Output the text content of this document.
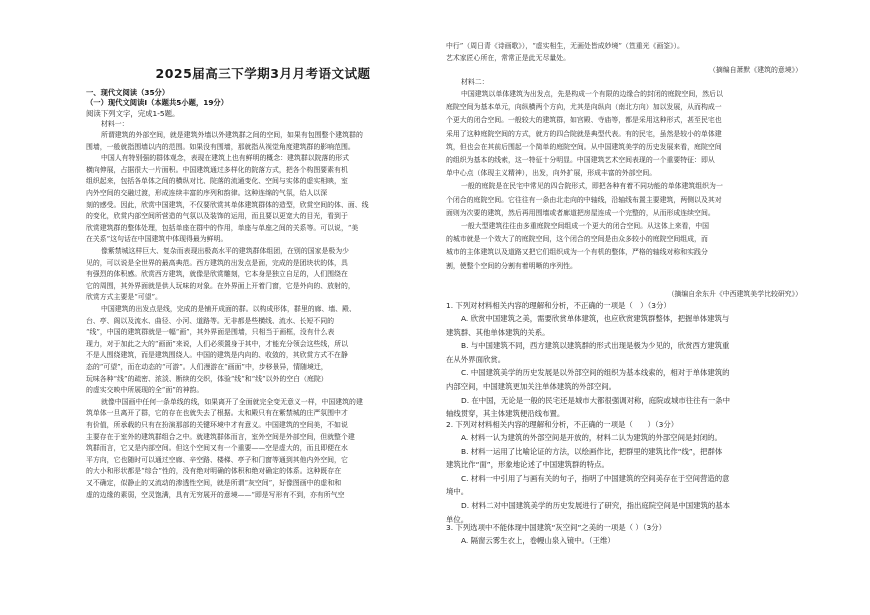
2025届高三下学期3月月考语文试题
一、现代文阅读（35分）
（一）现代文阅读Ⅰ（本题共5小题，19分）
阅读下列文字，完成1-5题。
材料一：
所谓建筑的外部空间，就是建筑外墙以外建筑群之间的空间，如果有包围整个建筑群的
围墙，一般就指围墙以内的范围。如果没有围墙，那就指从视觉角度建筑群的影响范围。
中国人有特别强的群体观念，表现在建筑上也有鲜明的概念：建筑群以院落的形式
横向伸展，占据很大一片面积。中国建筑通过多样化的院落方式，把各个构图要素有机
组织起来，包括各单体之间的横纵对比、院落的流通变化、空间与实体的虚实相映，室
内外空间的交融过渡，形成连续丰富的序列和韵律。这种连绵的气氛，给人以深
刻的感受。因此，欣赏中国建筑，不仅要欣赏其单体建筑群体的造型，欣赏空间的体、面、线
的变化，欣赏内部空间所营造的气氛以及装饰的运用，而且要以更宽大的目光，看到于
欣赏建筑群的整体处理，包括单座在群中的作用，单座与单座之间的关系等。可以说，“美
在关系”这句话在中国建筑中体现得最为鲜明。
像紫禁城这样巨大、复杂而表现出极高水平的建筑群体组团，在别的国家是极为少
见的，可以说是全世界的最高典范。西方建筑的出发点是面，完成的是团块状的体，具
有强烈的体积感。欣赏西方建筑，就像是欣赏雕刻，它本身是独立自足的，人们围绕在
它的周围，其外界面就是供人玩味的对象。在外界面上开着门窗，它是外向的、放射的，
欣赏方式主要是“可望”。
中国建筑的出发点是线，完成的是铺开成面的群。以构成形体，群里的廊、墙、殿、
台、亭、阁以及流水、曲径、小河、道路等。无非都是些横线、流水、长短不同的
“线”，中国的建筑群就是一幅“画”，其外界面是围墙，只相当于画框，没有什么表
现力，对于加此之大的“画面”来说，人们必须置身于其中，才能充分领会这些线，所以
不是人围绕建筑，而是建筑围绕人。中国的建筑是内向的、收敛的，其欣赏方式不在静
态的“可望”，而在动态的“可游”。人们漫游在“画面”中，步移景异，情随境迁，
玩味各种“线”的疏密、浓淡、断续的交织，体验“线”和“线”以外的空白（庭院）
的虚实交映中所展现的全“面”的神韵。
就像中国画中任何一条单线的线，如果离开了全面就完全变无意义一样，中国建筑的建
筑单体一旦离开了群，它的存在也就失去了根据。太和殿只有在紫禁城的庄严氛围中才
有价值，所承载的只有在扮演那部的关键环境中才有意义。中国建筑的空间美，不如说
主要存在于室外的建筑群组合之中。就建筑群体而言，室外空间是外部空间，但就整个建
筑群而言，它又是内部空间。但这个空间又有一个重要——空是虚大的，而且即便在水
平方向，它也随时可以通过空廊、辛空路、楼梯、亭子和门窗等通到其他内外空间，它
的大小和形状都是“综合”性的，没有绝对明确的体积和绝对确定的体系。这种既存在
又不确定，似静止的又流动的渗透性空间，就是所谓“灰空间”，好像图画中的虚和和
虚的边缘的素弱，空灵饱满，具有无穷展开的意境——“即是写形有不到，亦有所气空
中行”（周日青《诗画歌》），“虚实相生，无画处皆成妙境”（笪重光《画筌》）。
艺术家匠心所在，常常正是此无尽量处。
（摘编自萧默《建筑的意境》）
材料二：
中国建筑以单体建筑为出发点，先是构成一个有限的边缘合的封闭的庭院空间，然后以
庭院空间为基本单元，向纵横两个方向，尤其是向纵向（南北方向）加以发展，从而构成一
个更大的闭合空间。一般较大的建筑群，如宫殿、寺庙等，都是采用这种形式，甚至民宅也
采用了这种庭院空间的方式，就方的四合院就是典型代表。有的民宅，虽然是较小的单体建
筑，但也会在其前后围起一个简单的庭院空间。从中国建筑美学的历史发展来看，庭院空间
的组织为基本的线索，这一特征十分明显。中国建筑艺术空间表现的一个重要特征：即从
单中心点（体现主义精神），出发，向外扩展，形成丰富的外部空间。
一般的庭院是在民宅中常见的四合院形式，即把各种有着不同功能的单体建筑组织为一
个闭合的庭院空间。它往往有一条由北走向的中轴线，沿轴线布置主要建筑，两侧以及其对
面则为次要的建筑，然后再用围墙或者廊道把房屋连成一个完整的，从而形成连续空间。
一般大型建筑往往由多重庭院空间组成一个更大的闭合空间。从这体上来看，中国
的城市就是一个效大了的庭院空间，这个闭合的空间是由众多较小的庭院空间组成，而
城市的主体建筑以及道路又把它们组织成为一个有机的整体，严格的轴线对称和实践分
割，使整个空间的分割有着明晰的序列性。
（摘编自余东升《中西建筑美学比较研究》）
1. 下列对材料相关内容的理解和分析，不正确的一项是（　）（3分）
A. 欣赏中国建筑之美，需要欣赏单体建筑，也应欣赏建筑群整体，把握单体建筑与
建筑群、其他单体建筑的关系。
B. 与中国建筑不同，西方建筑以建筑群的形式出现是极为少见的，欣赏西方建筑重
在从外界面欣赏。
C. 中国建筑美学的历史发展是以外部空间的组织为基本线索的，相对于单体建筑的
内部空间，中国建筑更加关注单体建筑的外部空间。
D. 在中国，无论是一般的民宅还是城市大都很强调对称，庭院或城市往往有一条中
轴线贯穿，其主体建筑便沿线布置。
2. 下列对材料相关内容的理解和分析，不正确的一项是（　　）（3分）
A. 材料一认为建筑的外部空间是开放的，材料二认为建筑的外部空间是封闭的。
B. 材料一运用了比喻论证的方法，以绘画作比，把群里的建筑比作“线”，把群体
建筑比作“面”，形象地论述了中国建筑群的特点。
C. 材料一中引用了与画有关的句子，指明了中国建筑的空间美存在于空间营造的意
境中。
D. 材料二对中国建筑美学的历史发展进行了研究，指出庭院空间是中国建筑的基本
单位。
3. 下列选项中不能体现中国建筑“灰空间”之美的一项是（ ）（3分）
A. 隔窗云雾生衣上，卷幔山泉入镜中。（王维）
